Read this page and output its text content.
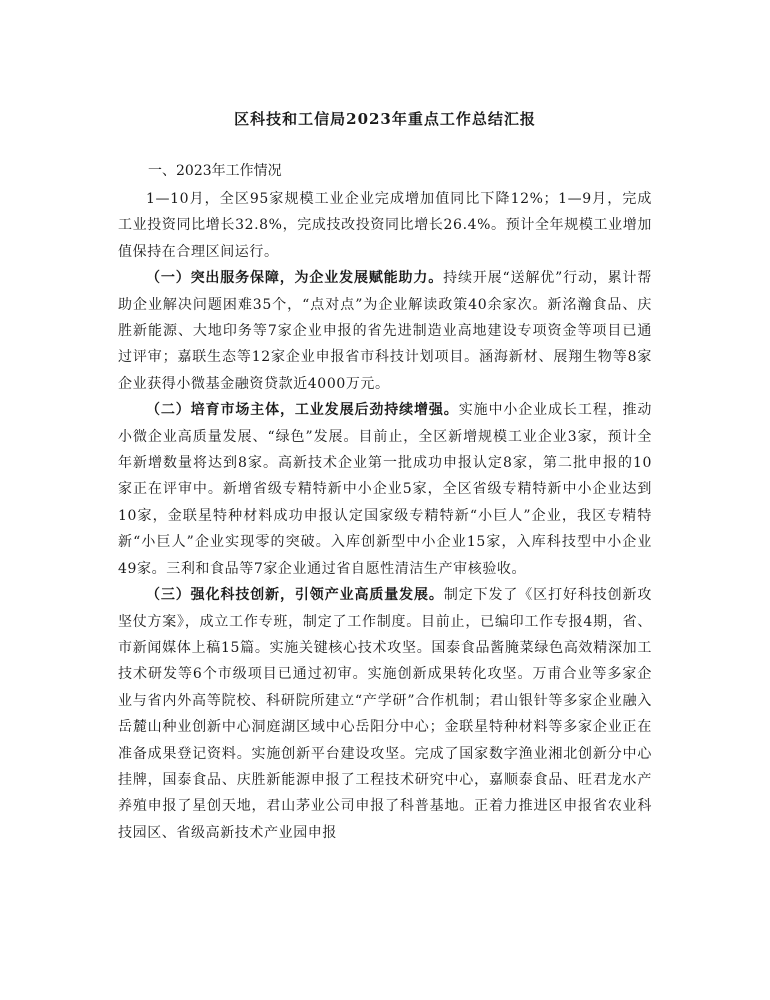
区科技和工信局2023年重点工作总结汇报
一、2023年工作情况

1—10月，全区95家规模工业企业完成增加值同比下降12%；1—9月，完成工业投资同比增长32.8%，完成技改投资同比增长26.4%。预计全年规模工业增加值保持在合理区间运行。

（一）突出服务保障，为企业发展赋能助力。持续开展“送解优”行动，累计帮助企业解决问题困难35个，“点对点”为企业解读政策40余家次。新洺瀚食品、庆胜新能源、大地印务等7家企业申报的省先进制造业高地建设专项资金等项目已通过评审；嘉联生态等12家企业申报省市科技计划项目。涵海新材、展翔生物等8家企业获得小微基金融资贷款近4000万元。

（二）培育市场主体，工业发展后劲持续增强。实施中小企业成长工程，推动小微企业高质量发展、“绿色”发展。目前止，全区新增规模工业企业3家，预计全年新增数量将达到8家。高新技术企业第一批成功申报认定8家，第二批申报的10家正在评审中。新增省级专精特新中小企业5家，全区省级专精特新中小企业达到10家，金联星特种材料成功申报认定国家级专精特新“小巨人”企业，我区专精特新“小巨人”企业实现零的突破。入库创新型中小企业15家，入库科技型中小企业49家。三利和食品等7家企业通过省自愿性清洁生产审核验收。

（三）强化科技创新，引领产业高质量发展。制定下发了《区打好科技创新攻坚仗方案》，成立工作专班，制定了工作制度。目前止，已编印工作专报4期，省、市新闻媒体上稿15篇。实施关键核心技术攻坚。国泰食品酱腌菜绿色高效精深加工技术研发等6个市级项目已通过初审。实施创新成果转化攻坚。万甫合业等多家企业与省内外高等院校、科研院所建立“产学研”合作机制；君山银针等多家企业融入岳麓山种业创新中心洞庭湖区域中心岳阳分中心；金联星特种材料等多家企业正在准备成果登记资料。实施创新平台建设攻坚。完成了国家数字渔业湘北创新分中心挂牌，国泰食品、庆胜新能源申报了工程技术研究中心，嘉顺泰食品、旺君龙水产养殖申报了星创天地，君山茅业公司申报了科普基地。正着力推进区申报省农业科技园区、省级高新技术产业园申报
